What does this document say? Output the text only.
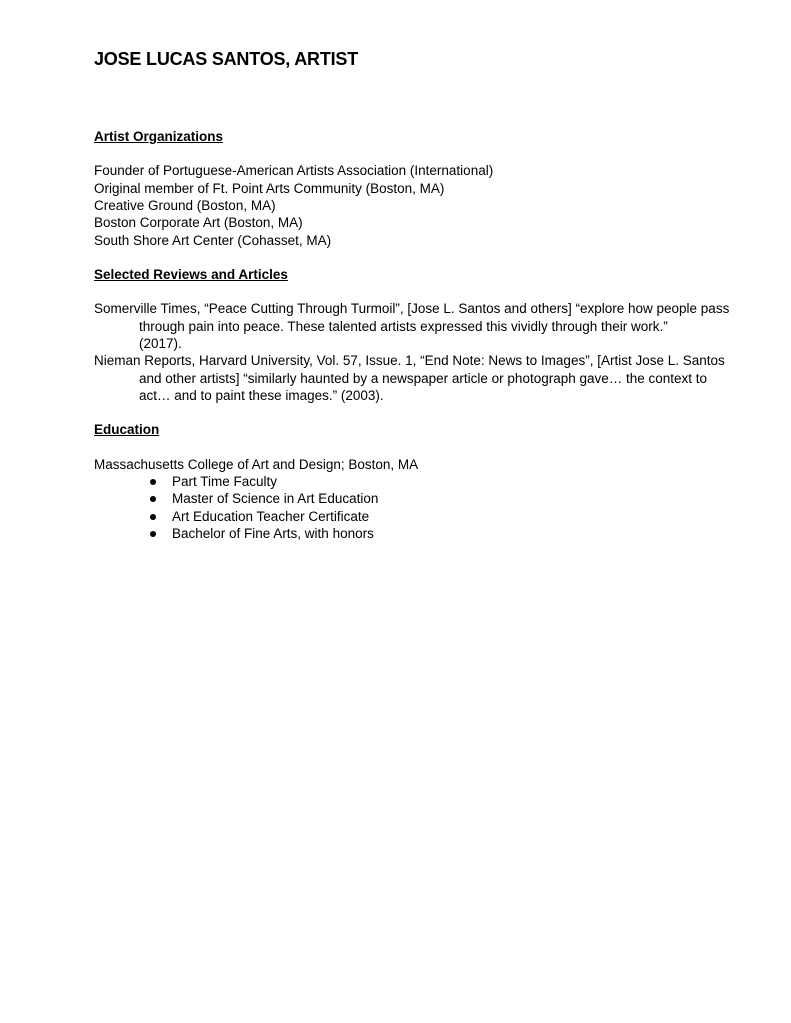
JOSE LUCAS SANTOS, ARTIST
Artist Organizations
Founder of Portuguese-American Artists Association (International)
Original member of Ft. Point Arts Community (Boston, MA)
Creative Ground (Boston, MA)
Boston Corporate Art (Boston, MA)
South Shore Art Center (Cohasset, MA)
Selected Reviews and Articles
Somerville Times, “Peace Cutting Through Turmoil”, [Jose L. Santos and others] “explore how people pass
through pain into peace. These talented artists expressed this vividly through their work.”
(2017).
Nieman Reports, Harvard University, Vol. 57, Issue. 1, “End Note: News to Images”, [Artist Jose L. Santos
and other artists] “similarly haunted by a newspaper article or photograph gave… the context to
act… and to paint these images.” (2003).
Education
Massachusetts College of Art and Design; Boston, MA
Part Time Faculty
Master of Science in Art Education
Art Education Teacher Certificate
Bachelor of Fine Arts, with honors
